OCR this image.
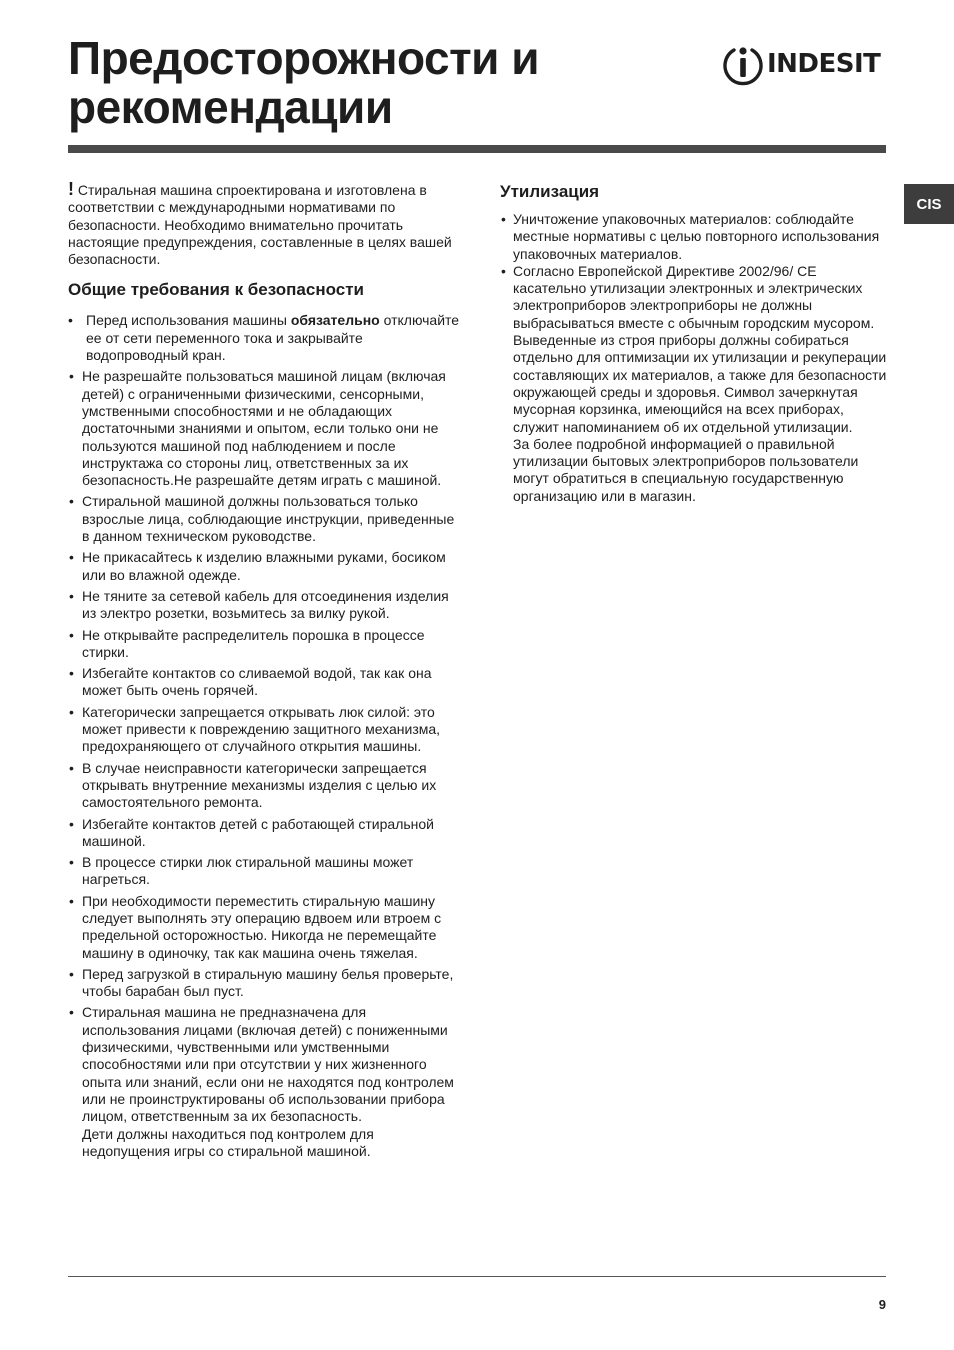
Предосторожности и
рекомендации
INDESIT
CIS

! Стиральная машина спроектирована и изготовлена в соответствии с международными нормативами по безопасности. Необходимо внимательно прочитать настоящие предупреждения, составленные в целях вашей безопасности.

Общие требования к безопасности
• Перед использования машины обязательно отключайте ее от сети переменного тока и закрывайте водопроводный кран.
• Не разрешайте пользоваться машиной лицам (включая детей) с ограниченными физическими, сенсорными, умственными способностями и не обладающих достаточными знаниями и опытом, если только они не пользуются машиной под наблюдением и после инструктажа со стороны лиц, ответственных за их безопасность.Не разрешайте детям играть с машиной.
• Стиральной машиной должны пользоваться только взрослые лица, соблюдающие инструкции, приведенные в данном техническом руководстве.
• Не прикасайтесь к изделию влажными руками, босиком или во влажной одежде.
• Не тяните за сетевой кабель для отсоединения изделия из электро розетки, возьмитесь за вилку рукой.
• Не открывайте распределитель порошка в процессе стирки.
• Избегайте контактов со сливаемой водой, так как она может быть очень горячей.
• Категорически запрещается открывать люк силой: это может привести к повреждению защитного механизма, предохраняющего от случайного открытия машины.
• В случае неисправности категорически запрещается открывать внутренние механизмы изделия с целью их самостоятельного ремонта.
• Избегайте контактов детей с работающей стиральной машиной.
• В процессе стирки люк стиральной машины может нагреться.
• При необходимости переместить стиральную машину следует выполнять эту операцию вдвоем или втроем с предельной осторожностью. Никогда не перемещайте машину в одиночку, так как машина очень тяжелая.
• Перед загрузкой в стиральную машину белья проверьте, чтобы барабан был пуст.
• Стиральная машина не предназначена для использования лицами (включая детей) с пониженными физическими, чувственными или умственными способностями или при отсутствии у них жизненного опыта или знаний, если они не находятся под контролем или не проинструктированы об использовании прибора лицом, ответственным за их безопасность.
Дети должны находиться под контролем для недопущения игры со стиральной машиной.
Утилизация
• Уничтожение упаковочных материалов: соблюдайте местные нормативы с целью повторного использования упаковочных материалов.
• Согласно Европейской Директиве 2002/96/ CE касательно утилизации электронных и электрических электроприборов электроприборы не должны выбрасываться вместе с обычным городским мусором. Выведенные из строя приборы должны собираться отдельно для оптимизации их утилизации и рекуперации составляющих их материалов, а также для безопасности окружающей среды и здоровья. Символ зачеркнутая мусорная корзинка, имеющийся на всех приборах, служит напоминанием об их отдельной утилизации.
За более подробной информацией о правильной утилизации бытовых электроприборов пользователи могут обратиться в специальную государственную организацию или в магазин.
9
